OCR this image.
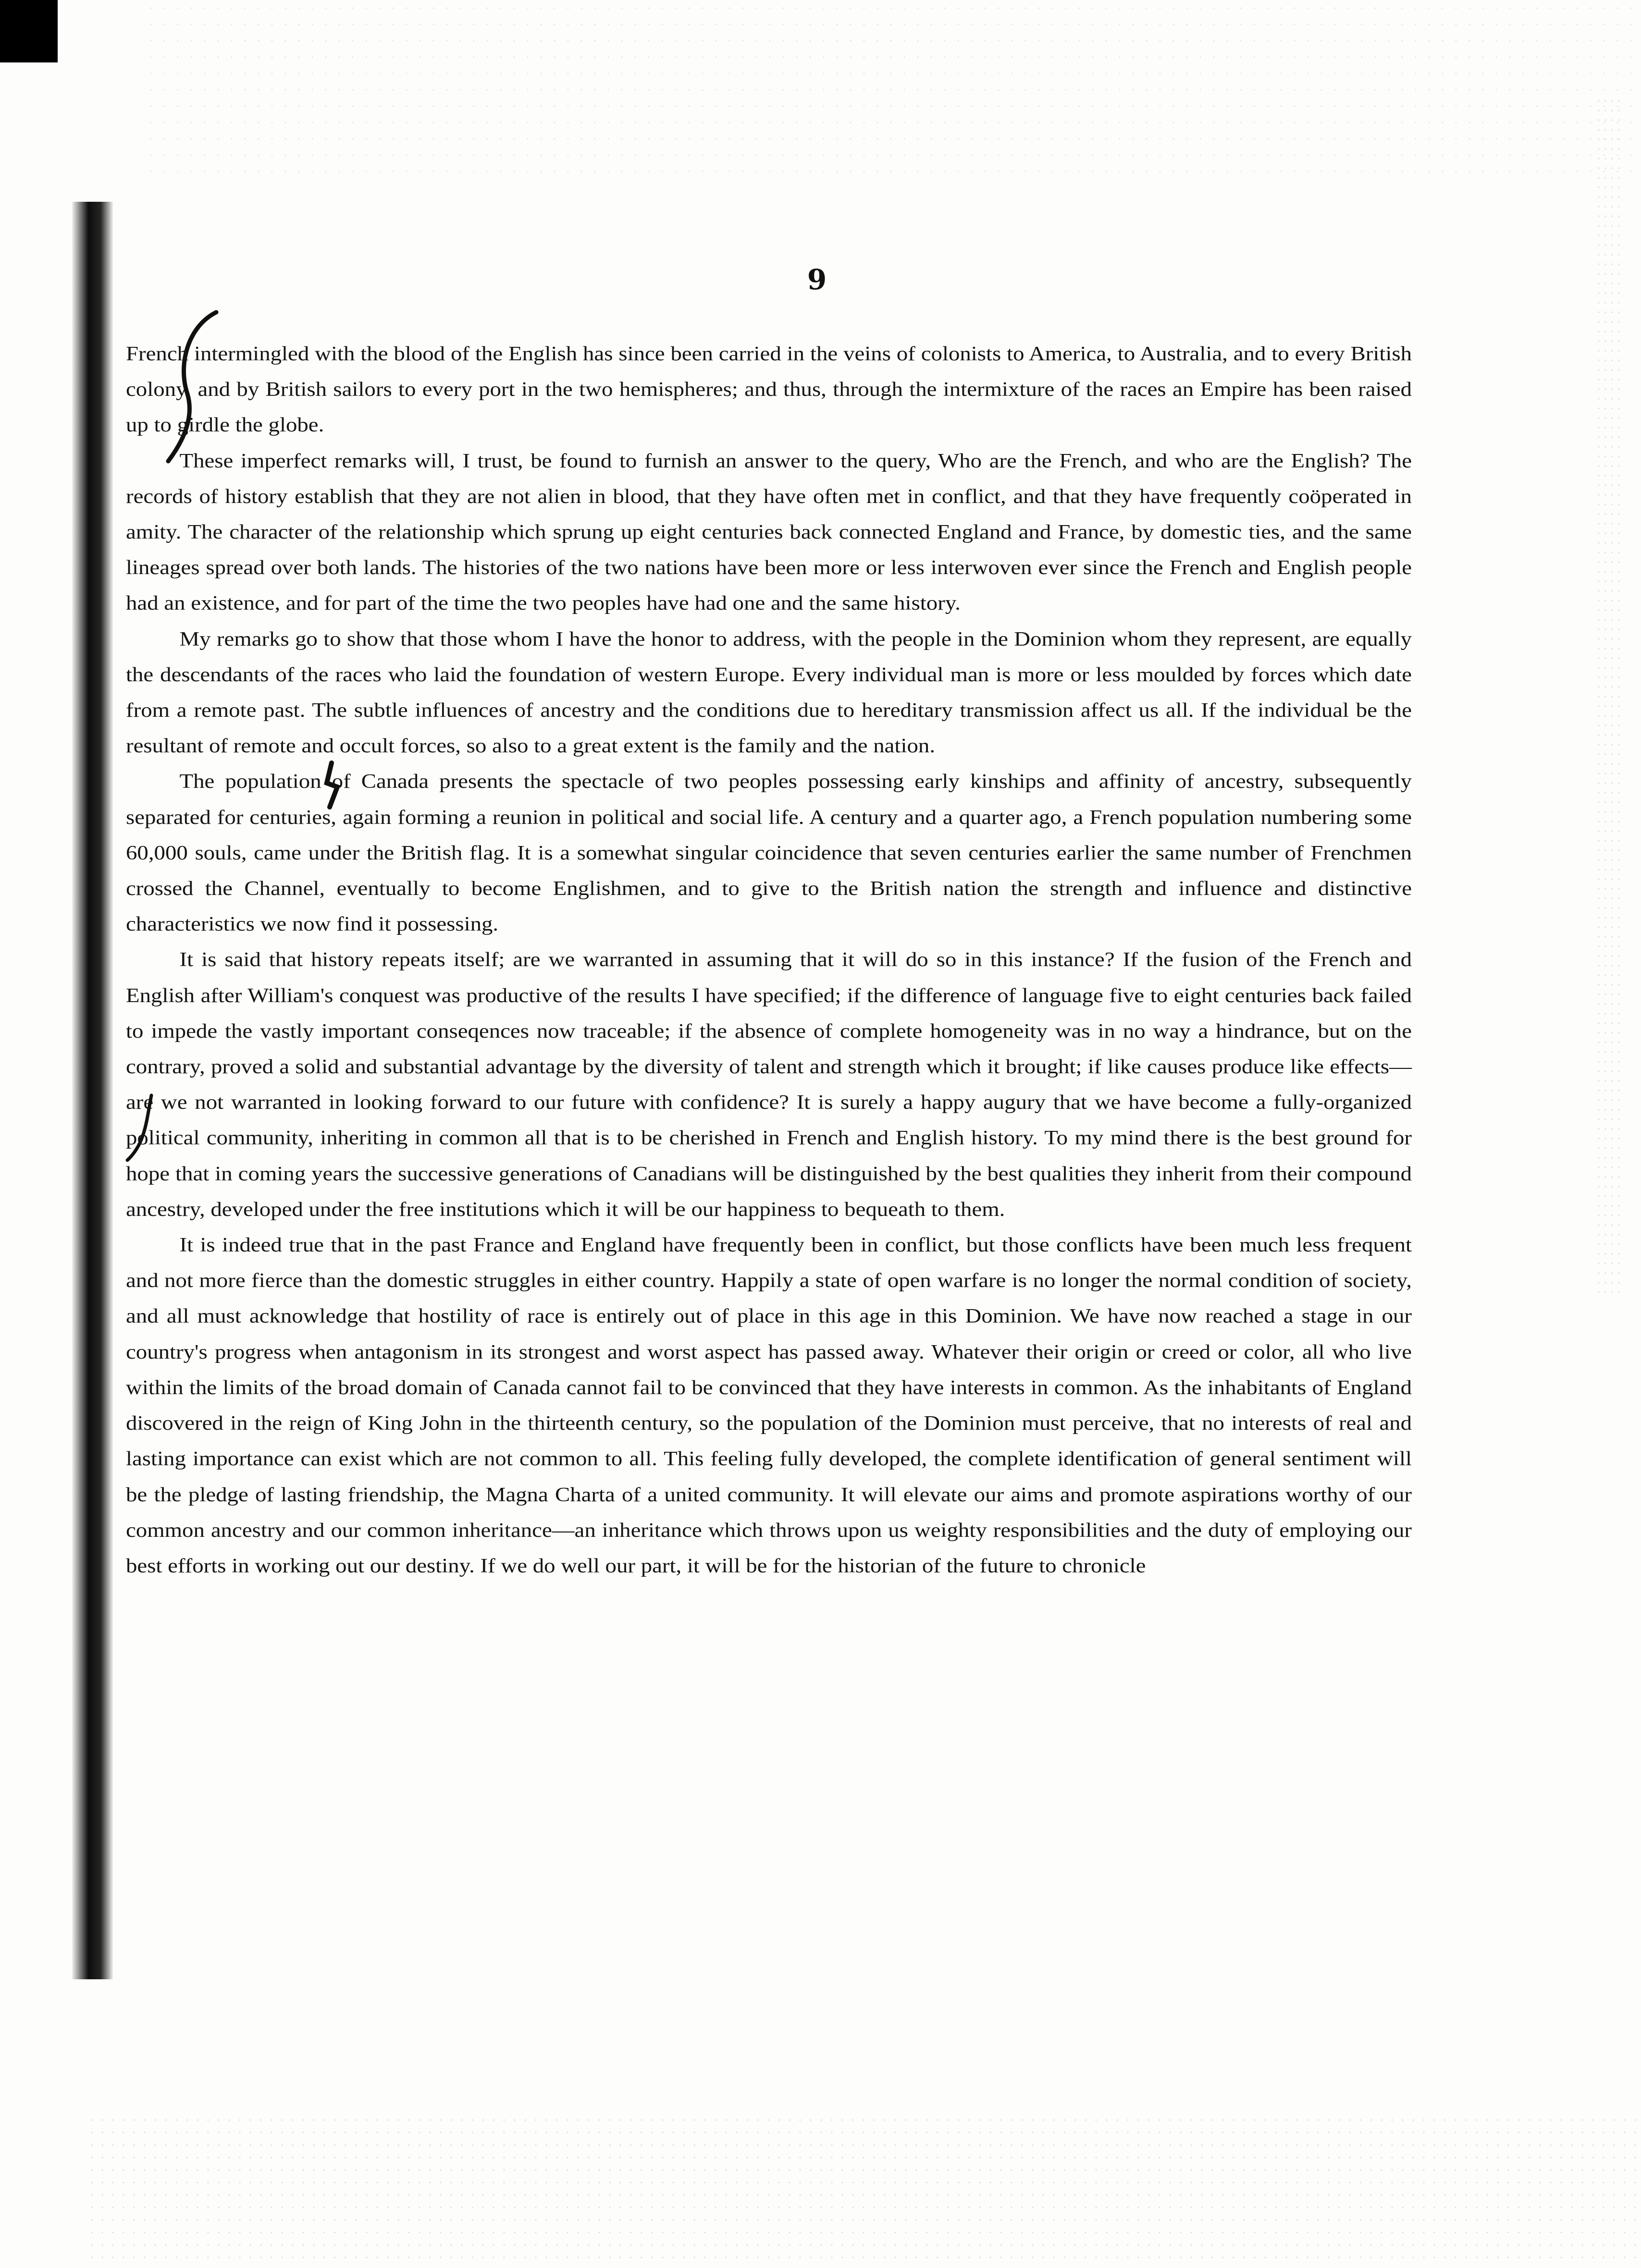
9

French intermingled with the blood of the English has since been carried in the veins of colonists to America, to Australia, and to every British colony, and by British sailors to every port in the two hemispheres; and thus, through the intermixture of the races an Empire has been raised up to girdle the globe.

These imperfect remarks will, I trust, be found to furnish an answer to the query, Who are the French, and who are the English? The records of history establish that they are not alien in blood, that they have often met in conflict, and that they have frequently coöperated in amity. The character of the relationship which sprung up eight centuries back connected England and France, by domestic ties, and the same lineages spread over both lands. The histories of the two nations have been more or less interwoven ever since the French and English people had an existence, and for part of the time the two peoples have had one and the same history.

My remarks go to show that those whom I have the honor to address, with the people in the Dominion whom they represent, are equally the descendants of the races who laid the foundation of western Europe. Every individual man is more or less moulded by forces which date from a remote past. The subtle influences of ancestry and the conditions due to hereditary transmission affect us all. If the individual be the resultant of remote and occult forces, so also to a great extent is the family and the nation.

The population of Canada presents the spectacle of two peoples possessing early kinships and affinity of ancestry, subsequently separated for centuries, again forming a reunion in political and social life. A century and a quarter ago, a French population numbering some 60,000 souls, came under the British flag. It is a somewhat singular coincidence that seven centuries earlier the same number of Frenchmen crossed the Channel, eventually to become Englishmen, and to give to the British nation the strength and influence and distinctive characteristics we now find it possessing.

It is said that history repeats itself; are we warranted in assuming that it will do so in this instance? If the fusion of the French and English after William's conquest was productive of the results I have specified; if the difference of language five to eight centuries back failed to impede the vastly important conseqences now traceable; if the absence of complete homogeneity was in no way a hindrance, but on the contrary, proved a solid and substantial advantage by the diversity of talent and strength which it brought; if like causes produce like effects—are we not warranted in looking forward to our future with confidence? It is surely a happy augury that we have become a fully-organized political community, inheriting in common all that is to be cherished in French and English history. To my mind there is the best ground for hope that in coming years the successive generations of Canadians will be distinguished by the best qualities they inherit from their compound ancestry, developed under the free institutions which it will be our happiness to bequeath to them.

It is indeed true that in the past France and England have frequently been in conflict, but those conflicts have been much less frequent and not more fierce than the domestic struggles in either country. Happily a state of open warfare is no longer the normal condition of society, and all must acknowledge that hostility of race is entirely out of place in this age in this Dominion. We have now reached a stage in our country's progress when antagonism in its strongest and worst aspect has passed away. Whatever their origin or creed or color, all who live within the limits of the broad domain of Canada cannot fail to be convinced that they have interests in common. As the inhabitants of England discovered in the reign of King John in the thirteenth century, so the population of the Dominion must perceive, that no interests of real and lasting importance can exist which are not common to all. This feeling fully developed, the complete identification of general sentiment will be the pledge of lasting friendship, the Magna Charta of a united community. It will elevate our aims and promote aspirations worthy of our common ancestry and our common inheritance—an inheritance which throws upon us weighty responsibilities and the duty of employing our best efforts in working out our destiny. If we do well our part, it will be for the historian of the future to chronicle
